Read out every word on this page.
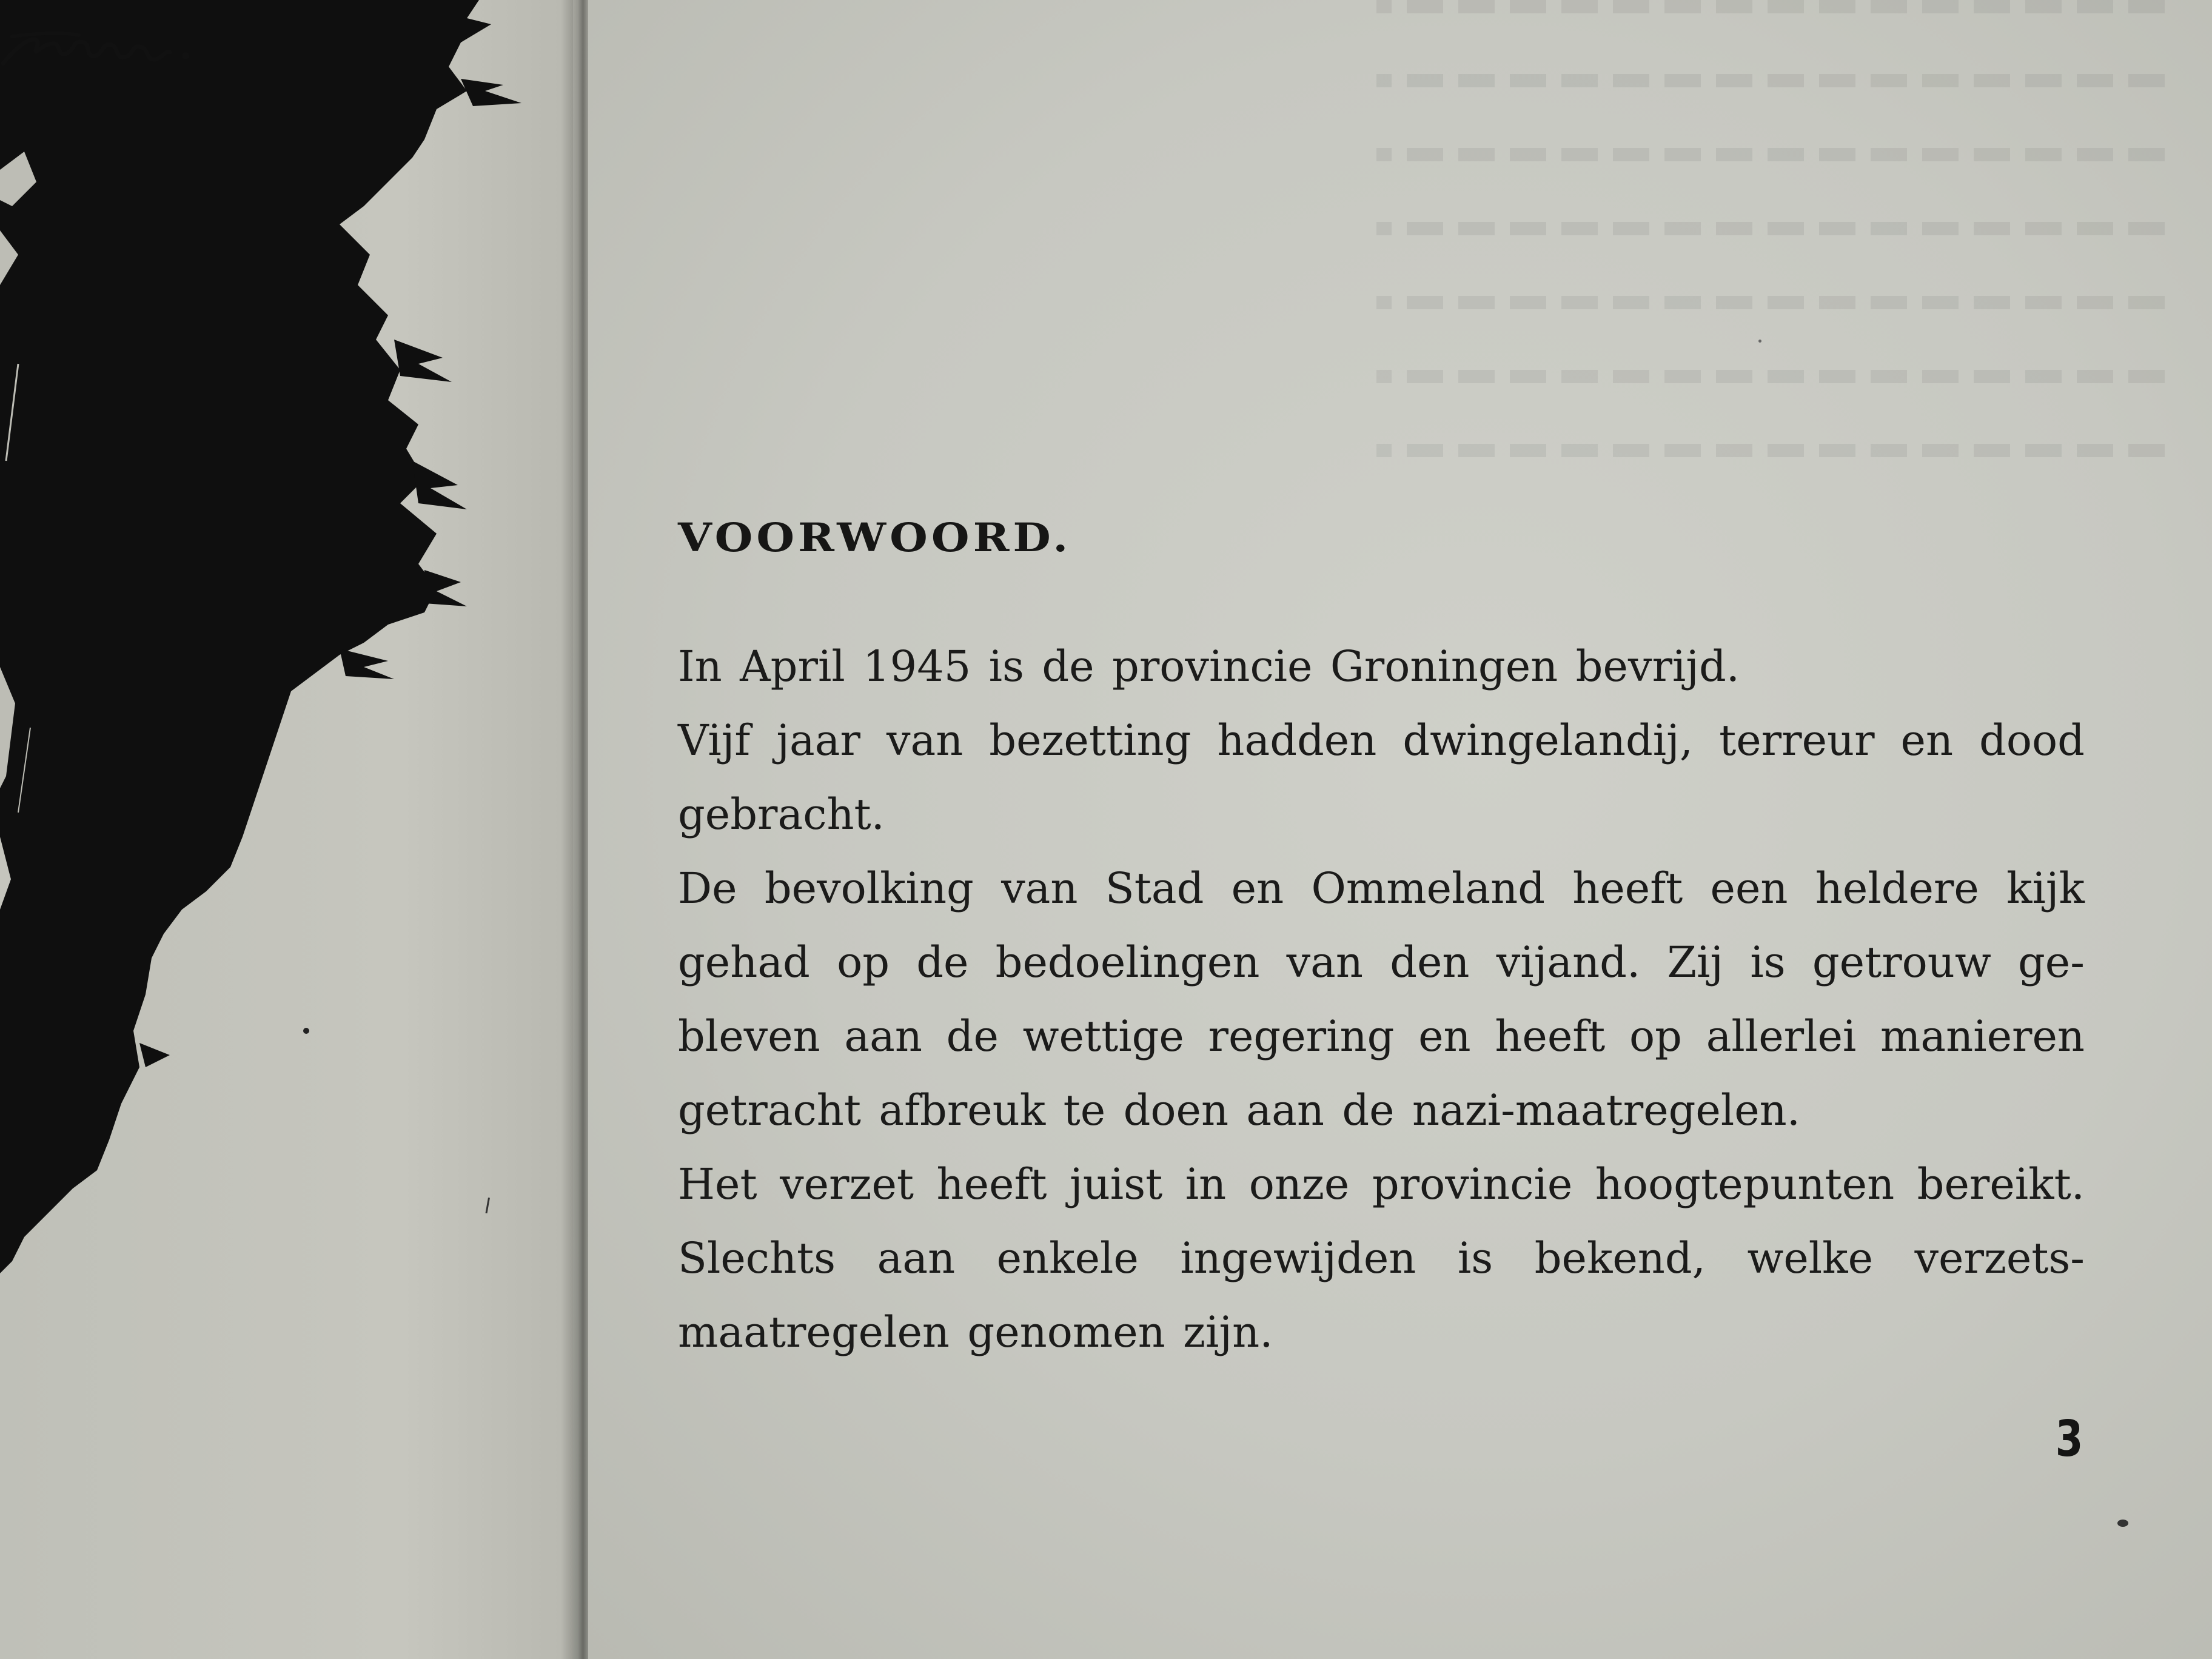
VOORWOORD.
In April 1945 is de provincie Groningen bevrijd.
Vijf jaar van bezetting hadden dwingelandij, terreur en dood
gebracht.
De bevolking van Stad en Ommeland heeft een heldere kijk
gehad op de bedoelingen van den vijand. Zij is getrouw ge-
bleven aan de wettige regering en heeft op allerlei manieren
getracht afbreuk te doen aan de nazi-maatregelen.
Het verzet heeft juist in onze provincie hoogtepunten bereikt.
Slechts aan enkele ingewijden is bekend, welke verzets-
maatregelen genomen zijn.
3
